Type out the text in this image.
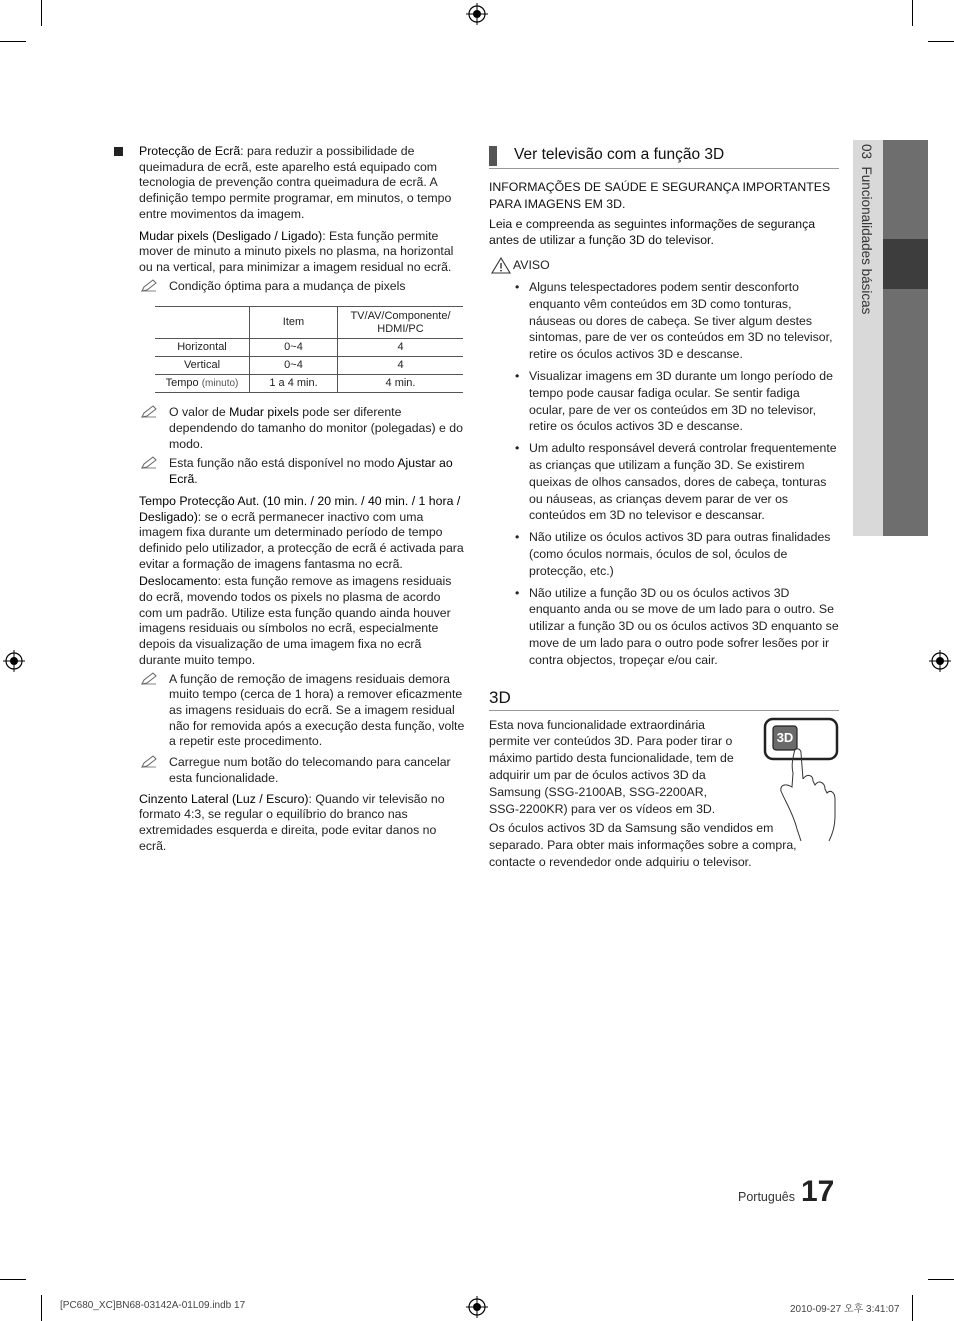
03  Funcionalidades básicas

Protecção de Ecrã: para reduzir a possibilidade de queimadura de ecrã, este aparelho está equipado com tecnologia de prevenção contra queimadura de ecrã. A definição tempo permite programar, em minutos, o tempo entre movimentos da imagem.

Mudar pixels (Desligado / Ligado): Esta função permite mover de minuto a minuto pixels no plasma, na horizontal ou na vertical, para minimizar a imagem residual no ecrã.

Condição óptima para a mudança de pixels

	Item	TV/AV/Componente/ HDMI/PC
Horizontal	0~4	4
Vertical	0~4	4
Tempo (minuto)	1 a 4 min.	4 min.

O valor de Mudar pixels pode ser diferente dependendo do tamanho do monitor (polegadas) e do modo.

Esta função não está disponível no modo Ajustar ao Ecrã.

Tempo Protecção Aut. (10 min. / 20 min. / 40 min. / 1 hora / Desligado): se o ecrã permanecer inactivo com uma imagem fixa durante um determinado período de tempo definido pelo utilizador, a protecção de ecrã é activada para evitar a formação de imagens fantasma no ecrã.

Deslocamento: esta função remove as imagens residuais do ecrã, movendo todos os pixels no plasma de acordo com um padrão. Utilize esta função quando ainda houver imagens residuais ou símbolos no ecrã, especialmente depois da visualização de uma imagem fixa no ecrã durante muito tempo.

A função de remoção de imagens residuais demora muito tempo (cerca de 1 hora) a remover eficazmente as imagens residuais do ecrã. Se a imagem residual não for removida após a execução desta função, volte a repetir este procedimento.

Carregue num botão do telecomando para cancelar esta funcionalidade.

Cinzento Lateral (Luz / Escuro): Quando vir televisão no formato 4:3, se regular o equilíbrio do branco nas extremidades esquerda e direita, pode evitar danos no ecrã.

Ver televisão com a função 3D

INFORMAÇÕES DE SAÚDE E SEGURANÇA IMPORTANTES PARA IMAGENS EM 3D.

Leia e compreenda as seguintes informações de segurança antes de utilizar a função 3D do televisor.

AVISO

• Alguns telespectadores podem sentir desconforto enquanto vêm conteúdos em 3D como tonturas, náuseas ou dores de cabeça. Se tiver algum destes sintomas, pare de ver os conteúdos em 3D no televisor, retire os óculos activos 3D e descanse.

• Visualizar imagens em 3D durante um longo período de tempo pode causar fadiga ocular. Se sentir fadiga ocular, pare de ver os conteúdos em 3D no televisor, retire os óculos activos 3D e descanse.

• Um adulto responsável deverá controlar frequentemente as crianças que utilizam a função 3D. Se existirem queixas de olhos cansados, dores de cabeça, tonturas ou náuseas, as crianças devem parar de ver os conteúdos em 3D no televisor e descansar.

• Não utilize os óculos activos 3D para outras finalidades (como óculos normais, óculos de sol, óculos de protecção, etc.)

• Não utilize a função 3D ou os óculos activos 3D enquanto anda ou se move de um lado para o outro. Se utilizar a função 3D ou os óculos activos 3D enquanto se move de um lado para o outro pode sofrer lesões por ir contra objectos, tropeçar e/ou cair.

3D
3D

Esta nova funcionalidade extraordinária permite ver conteúdos 3D. Para poder tirar o máximo partido desta funcionalidade, tem de adquirir um par de óculos activos 3D da Samsung (SSG-2100AB, SSG-2200AR, SSG-2200KR) para ver os vídeos em 3D.

Os óculos activos 3D da Samsung são vendidos em separado. Para obter mais informações sobre a compra, contacte o revendedor onde adquiriu o televisor.

Português 17
[PC680_XC]BN68-03142A-01L09.indb 17	2010-09-27 오후 3:41:07
